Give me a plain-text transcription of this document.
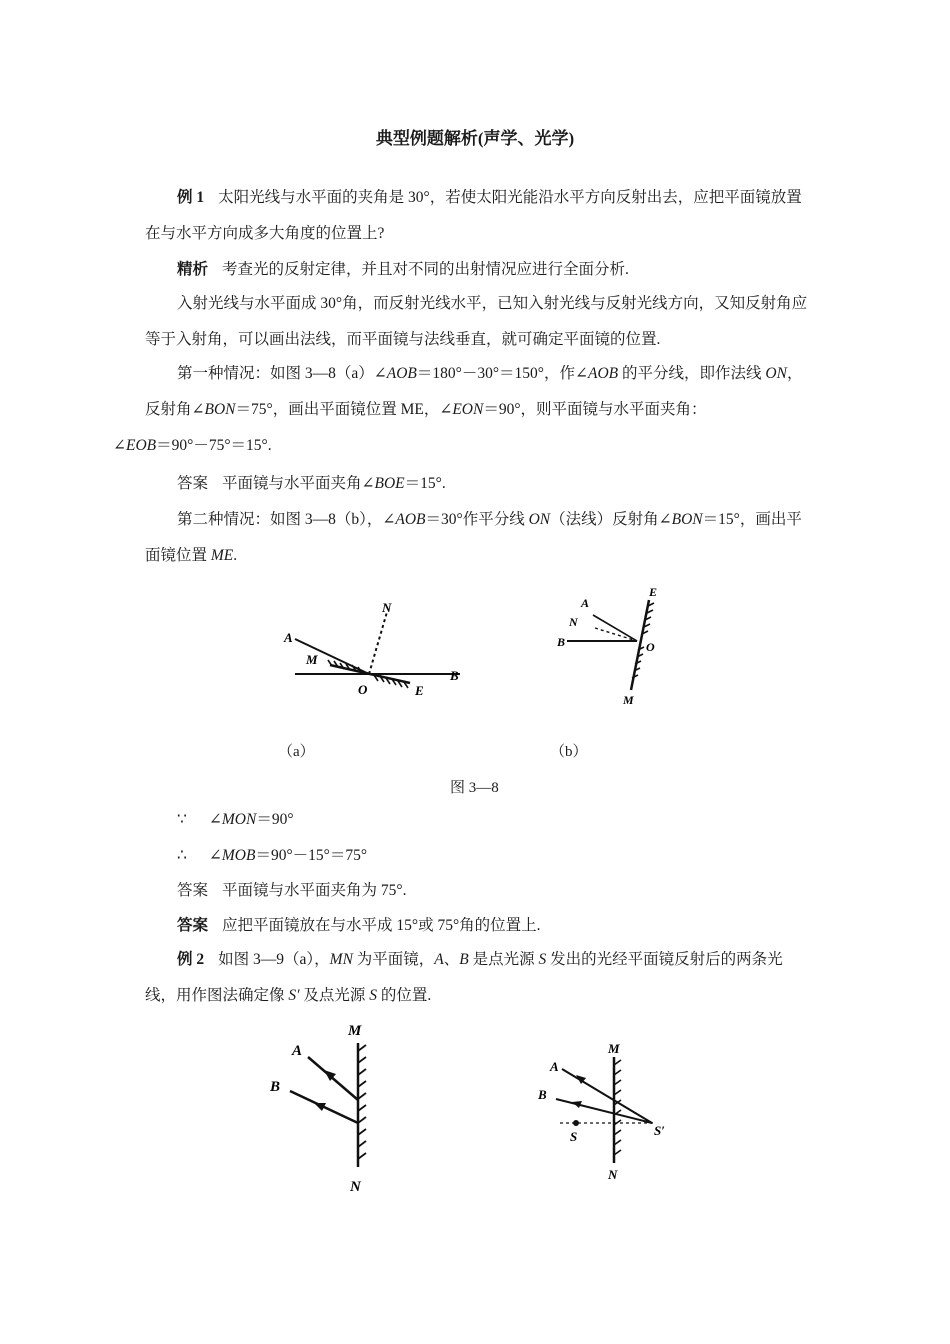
典型例题解析(声学、光学)
例 1 太阳光线与水平面的夹角是 30°，若使太阳光能沿水平方向反射出去，应把平面镜放置在与水平方向成多大角度的位置上?
精析 考查光的反射定律，并且对不同的出射情况应进行全面分析.
入射光线与水平面成 30°角，而反射光线水平，已知入射光线与反射光线方向，又知反射角应等于入射角，可以画出法线，而平面镜与法线垂直，就可确定平面镜的位置.
第一种情况：如图 3—8（a）∠AOB＝180°－30°＝150°，作∠AOB 的平分线，即作法线 ON，反射角∠BON＝75°，画出平面镜位置 ME，∠EON＝90°，则平面镜与水平面夹角：
∠EOB＝90°－75°＝15°.
答案 平面镜与水平面夹角∠BOE＝15°.
第二种情况：如图 3—8（b），∠AOB＝30°作平分线 ON（法线）反射角∠BON＝15°，画出平面镜位置 ME.
A
M
N
O	E
B
A
N
B	O
E
M
（a）	（b）
图 3—8
∵ ∠MON＝90°
∴ ∠MOB＝90°－15°＝75°
答案 平面镜与水平面夹角为 75°.
答案 应把平面镜放在与水平成 15°或 75°角的位置上.
例 2 如图 3—9（a），MN 为平面镜，A、B 是点光源 S 发出的光经平面镜反射后的两条光线，用作图法确定像 S′ 及点光源 S 的位置.
M
A
B
N
M
A
B
S	S′
N
